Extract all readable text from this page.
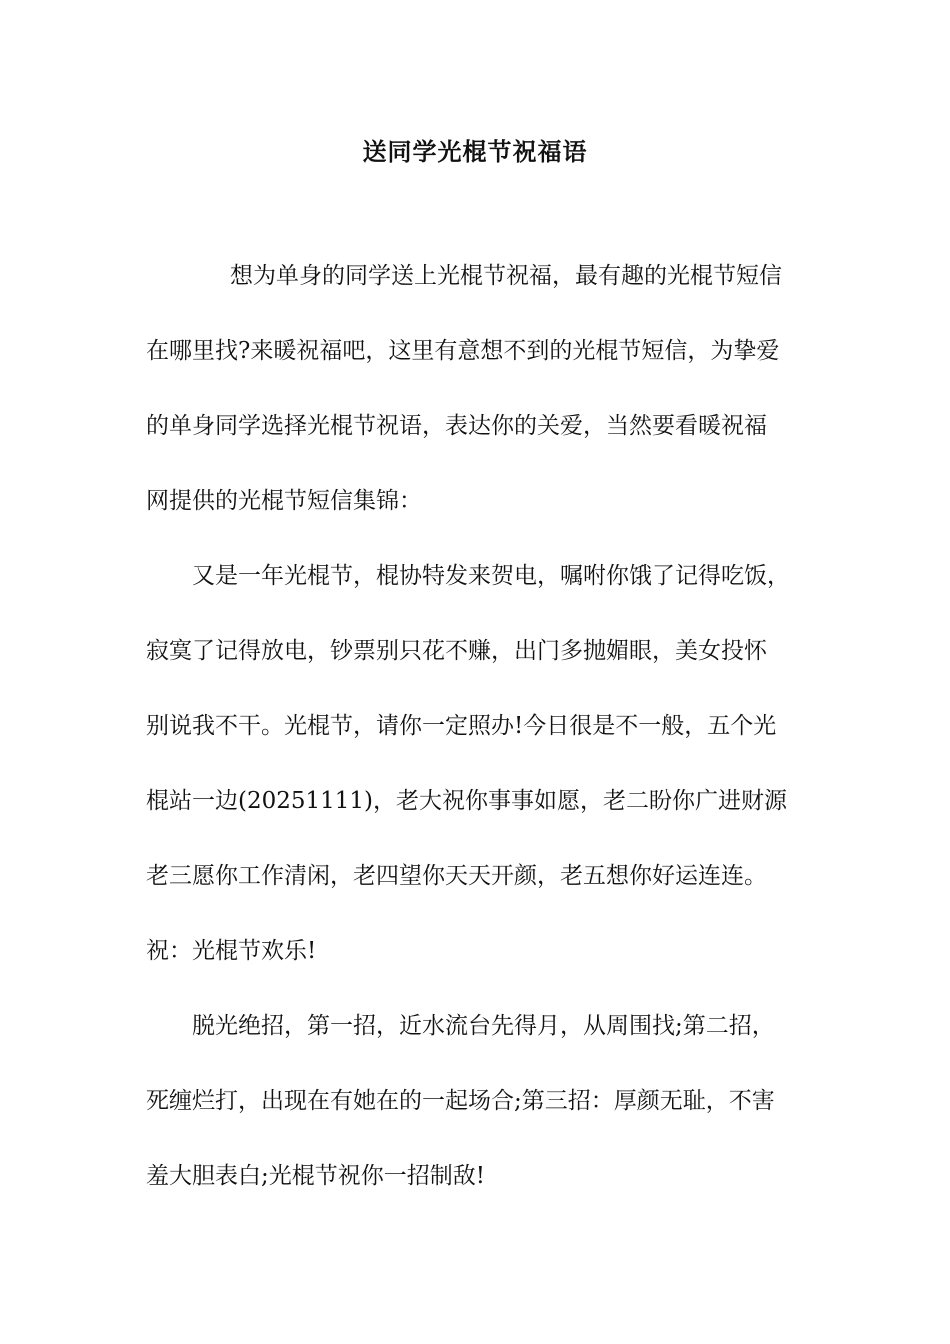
送同学光棍节祝福语
想为单身的同学送上光棍节祝福，最有趣的光棍节短信
在哪里找?来暖祝福吧，这里有意想不到的光棍节短信，为挚爱
的单身同学选择光棍节祝语，表达你的关爱，当然要看暖祝福
网提供的光棍节短信集锦：
又是一年光棍节，棍协特发来贺电，嘱咐你饿了记得吃饭，
寂寞了记得放电，钞票别只花不赚，出门多抛媚眼，美女投怀
别说我不干。光棍节，请你一定照办!今日很是不一般，五个光
棍站一边(20251111)，老大祝你事事如愿，老二盼你广进财源
老三愿你工作清闲，老四望你天天开颜，老五想你好运连连。
祝：光棍节欢乐!
脱光绝招，第一招，近水流台先得月，从周围找;第二招，
死缠烂打，出现在有她在的一起场合;第三招：厚颜无耻，不害
羞大胆表白;光棍节祝你一招制敌!
